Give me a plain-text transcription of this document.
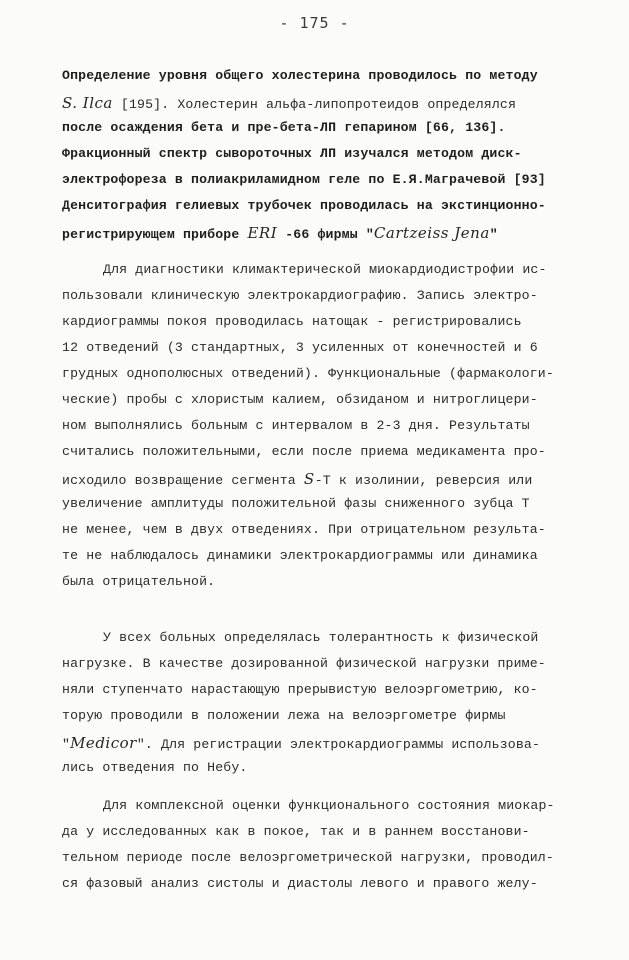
- 175 -
Определение уровня общего холестерина проводилось по методу
S. Ilca [195]. Холестерин альфа-липопротеидов определялся
после осаждения бета и пре-бета-ЛП гепарином [66, 136].
Фракционный спектр сывороточных ЛП изучался методом диск-
электрофореза в полиакриламидном геле по Е.Я.Магрaчевой [93]
Денситография гелиевых трубочек проводилась на экстинционно-
регистрирующем приборе ERI -66 фирмы "Cartzeiss Jena"
Для диагностики климактерической миокардиодистрофии ис-
пользовали клиническую электрокардиографию. Запись электро-
кардиограммы покоя проводилась натощак - регистрировались
12 отведений (3 стандартных, 3 усиленных от конечностей и 6
грудных однополюсных отведений). Функциональные (фармакологи-
ческие) пробы с хлористым калием, обзиданом и нитроглицери-
ном выполнялись больным с интервалом в 2-3 дня. Результаты
считались положительными, если после приема медикамента про-
исходило возвращение сегмента S-T к изолинии, реверсия или
увеличение амплитуды положительной фазы сниженного зубца Т
не менее, чем в двух отведениях. При отрицательном результа-
те не наблюдалось динамики электрокардиограммы или динамика
была отрицательной.
У всех больных определялась толерантность к физической
нагрузке. В качестве дозированной физической нагрузки приме-
няли ступенчато нарастающую прерывистую велоэргометрию, ко-
торую проводили в положении лежа на велоэргометре фирмы
"Medicor". Для регистрации электрокардиограммы использова-
лись отведения по Небу.
Для комплексной оценки функционального состояния миокар-
да у исследованных как в покое, так и в раннем восстанови-
тельном периоде после велоэргометрической нагрузки, проводил-
ся фазовый анализ систолы и диастолы левого и правого желу-
